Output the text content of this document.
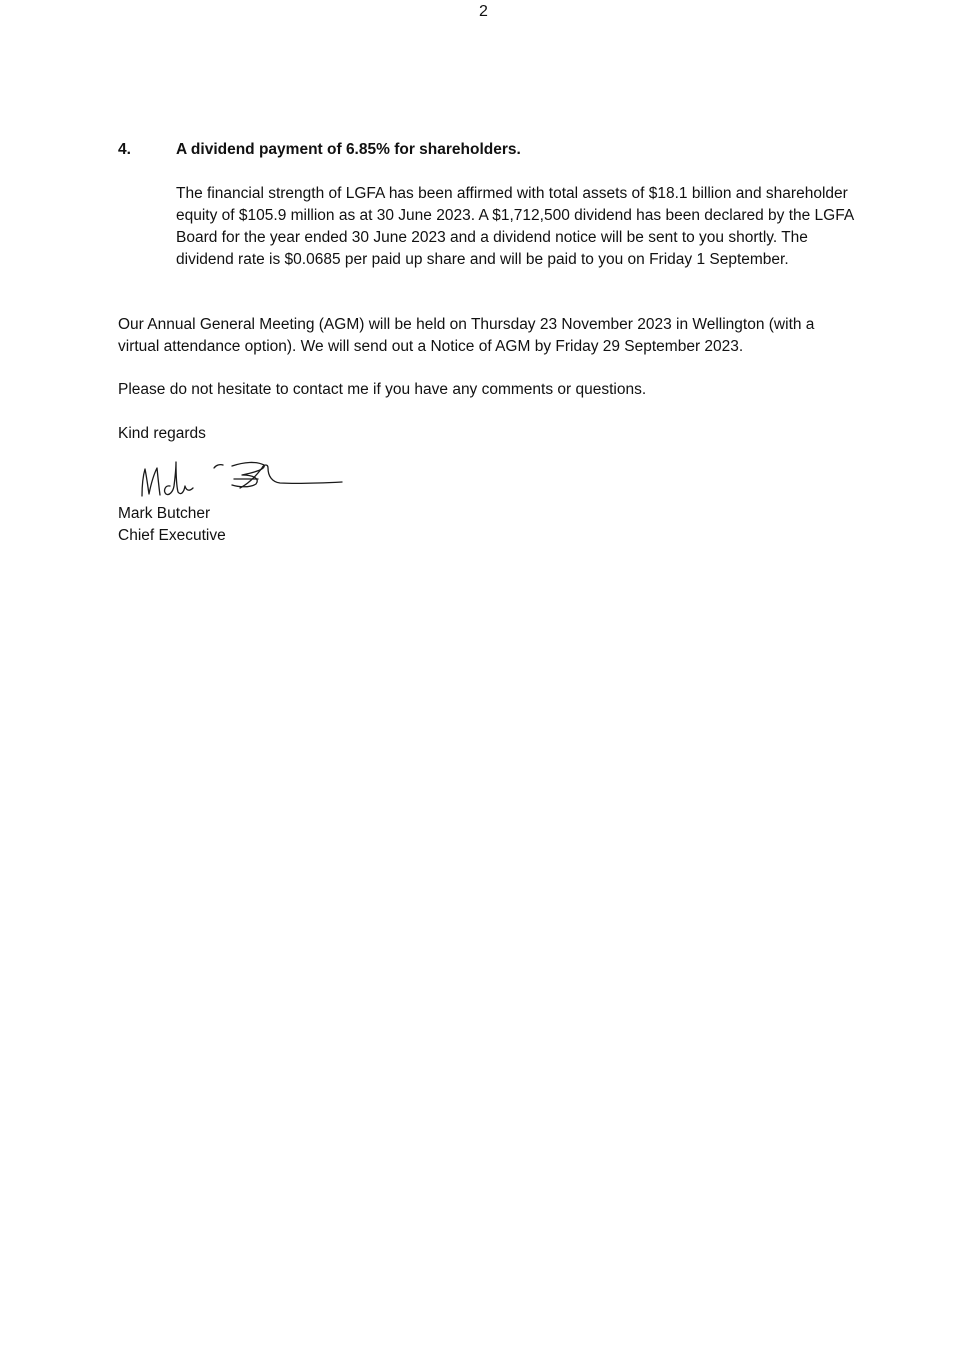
2
4.	A dividend payment of 6.85% for shareholders.
The financial strength of LGFA has been affirmed with total assets of $18.1 billion and shareholder equity of $105.9 million as at 30 June 2023. A $1,712,500 dividend has been declared by the LGFA Board for the year ended 30 June 2023 and a dividend notice will be sent to you shortly. The dividend rate is $0.0685 per paid up share and will be paid to you on Friday 1 September.
Our Annual General Meeting (AGM) will be held on Thursday 23 November 2023 in Wellington (with a virtual attendance option). We will send out a Notice of AGM by Friday 29 September 2023.
Please do not hesitate to contact me if you have any comments or questions.
Kind regards
Mark Butcher
Chief Executive
